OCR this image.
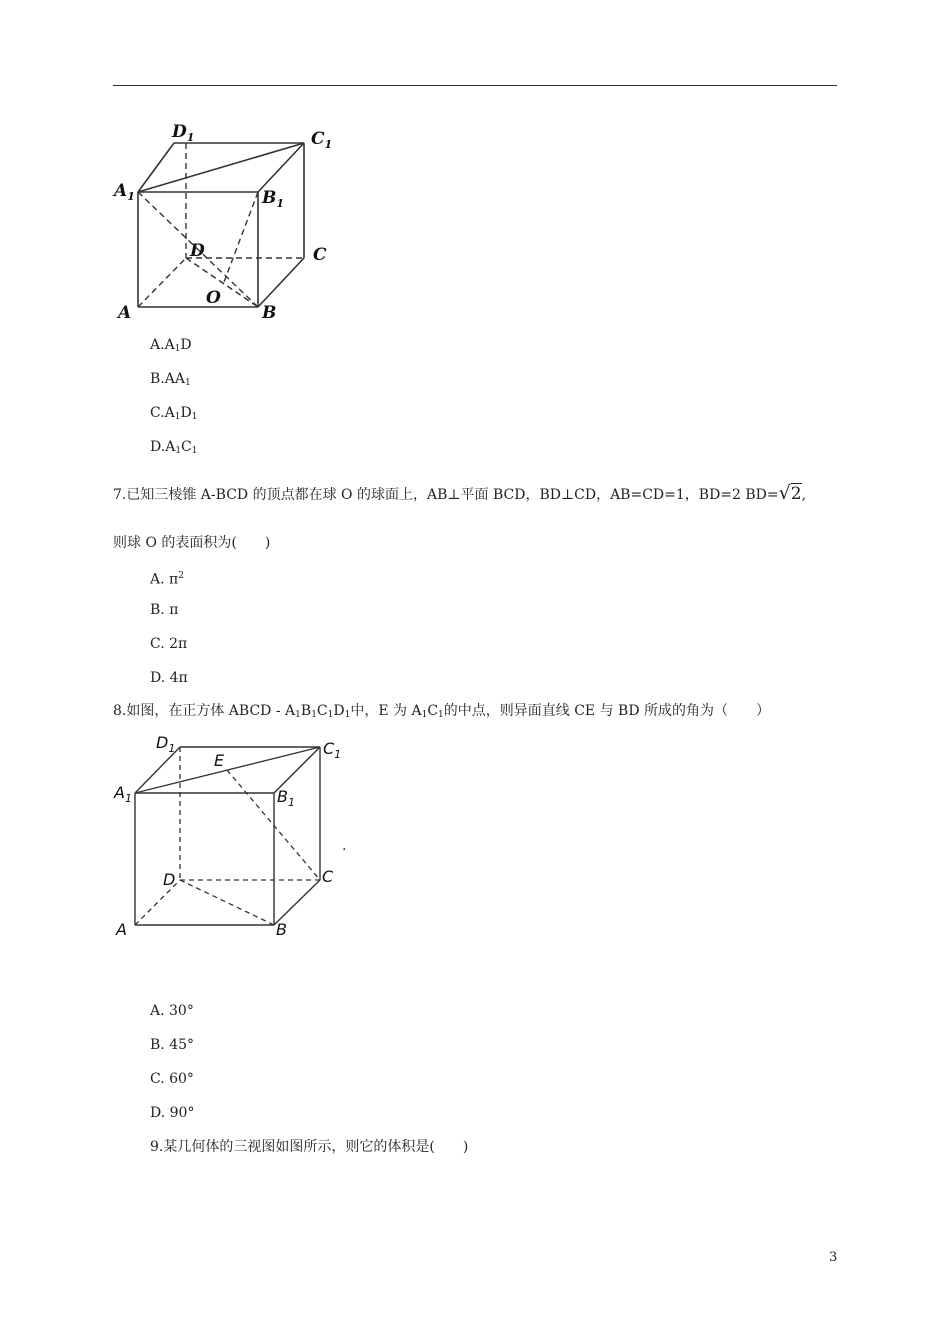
$D_1$	$C_1$
$A_1$	$B_1$
D	C
A	B
O
$A.A_1D$
$B.AA_1$
$C.A_1D_1$
$D.A_1C_1$
7.已知三棱锥 A-BCD 的顶点都在球 O 的球面上，AB⊥平面 BCD，BD⊥CD，AB=CD=1，BD=2 BD=√2,
则球 O 的表面积为(　　)
A. $\pi^2$
B. π
C. 2π
D. 4π
8.如图，在正方体 ABCD - $A_1B_1C_1D_1$中，E 为 $A_1C_1$的中点，则异面直线 CE 与 BD 所成的角为（　　）
$D_1$
E
$C_1$
$A_1$	$B_1$
D	C
A	B
.
A. 30°
B. 45°
C. 60°
D. 90°
9.某几何体的三视图如图所示，则它的体积是(　　)
3
